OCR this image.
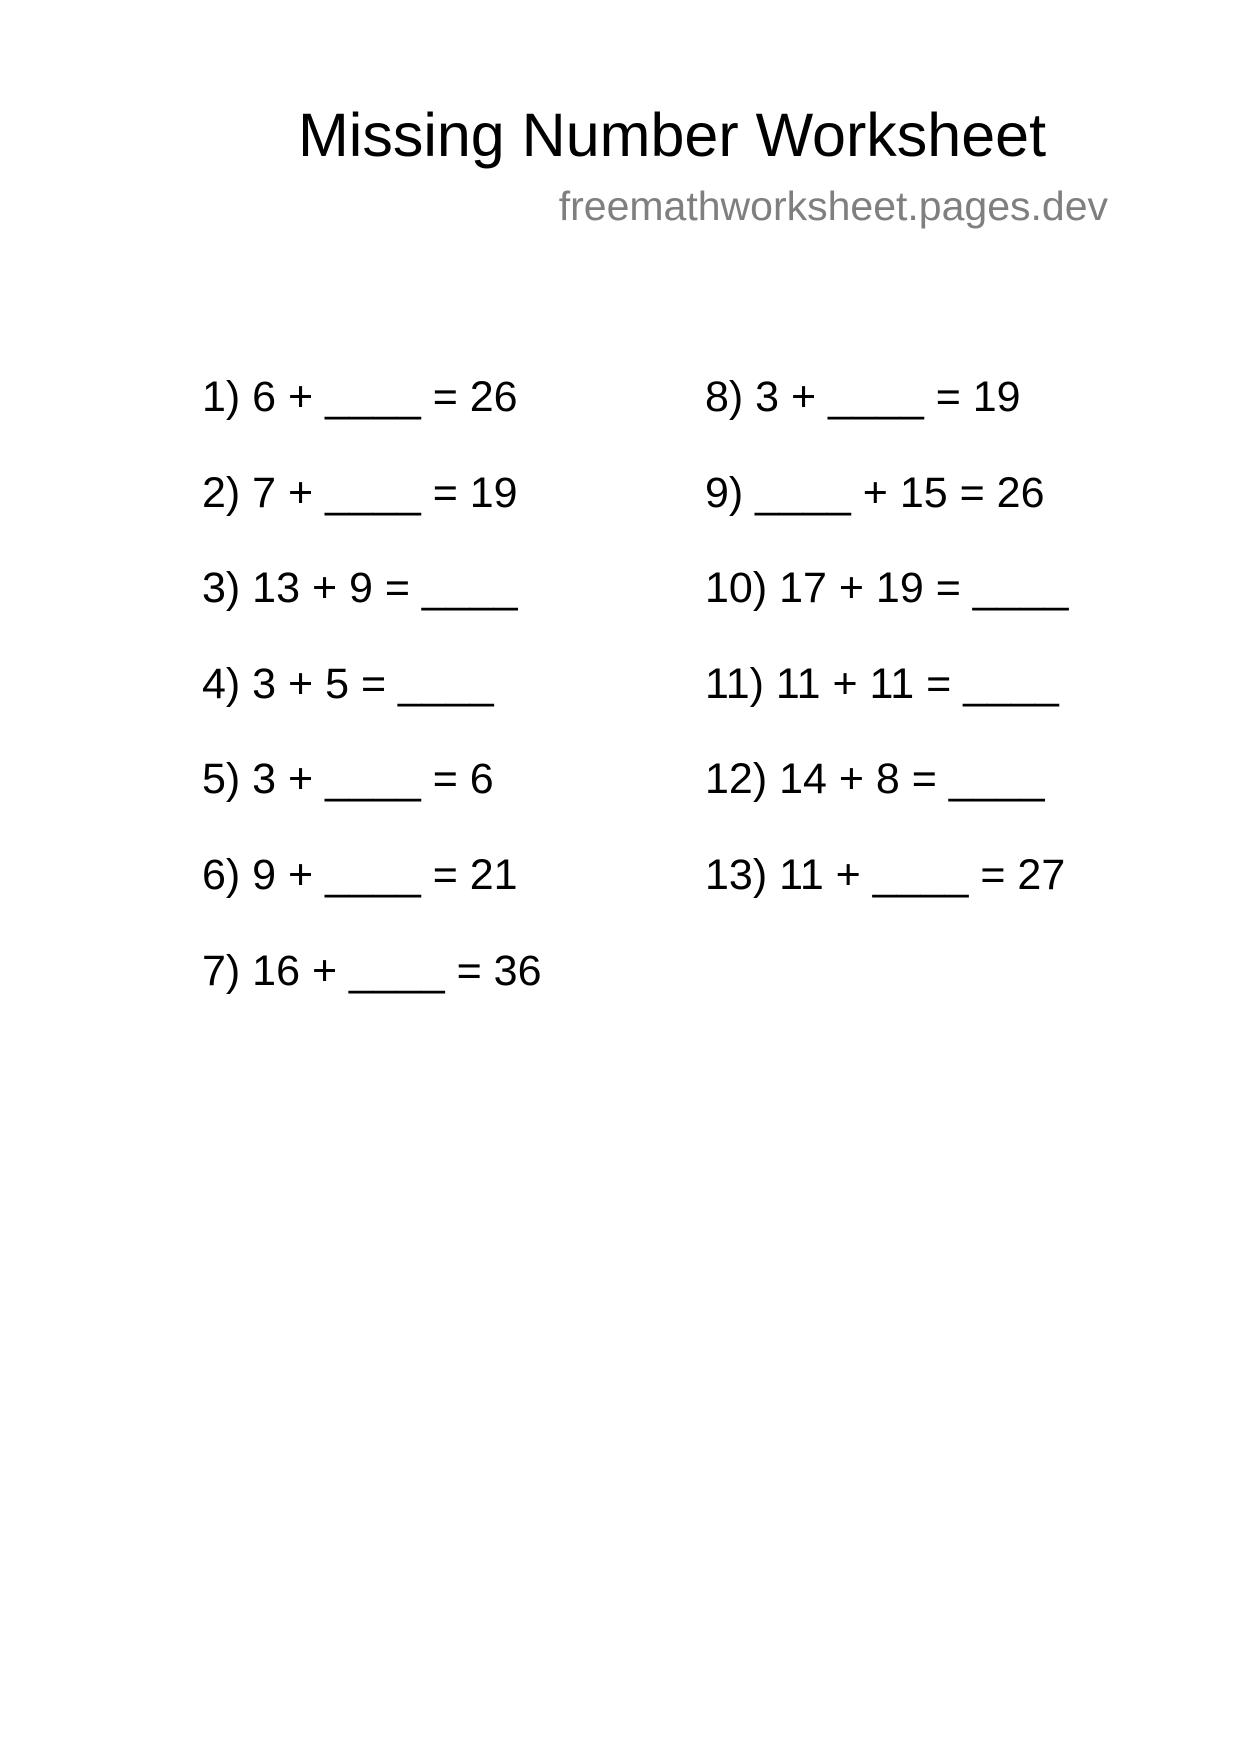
Missing Number Worksheet
freemathworksheet.pages.dev
1) 6 + ____ = 26
2) 7 + ____ = 19
3) 13 + 9 = ____
4) 3 + 5 = ____
5) 3 + ____ = 6
6) 9 + ____ = 21
7) 16 + ____ = 36
8) 3 + ____ = 19
9) ____ + 15 = 26
10) 17 + 19 = ____
11) 11 + 11 = ____
12) 14 + 8 = ____
13) 11 + ____ = 27
